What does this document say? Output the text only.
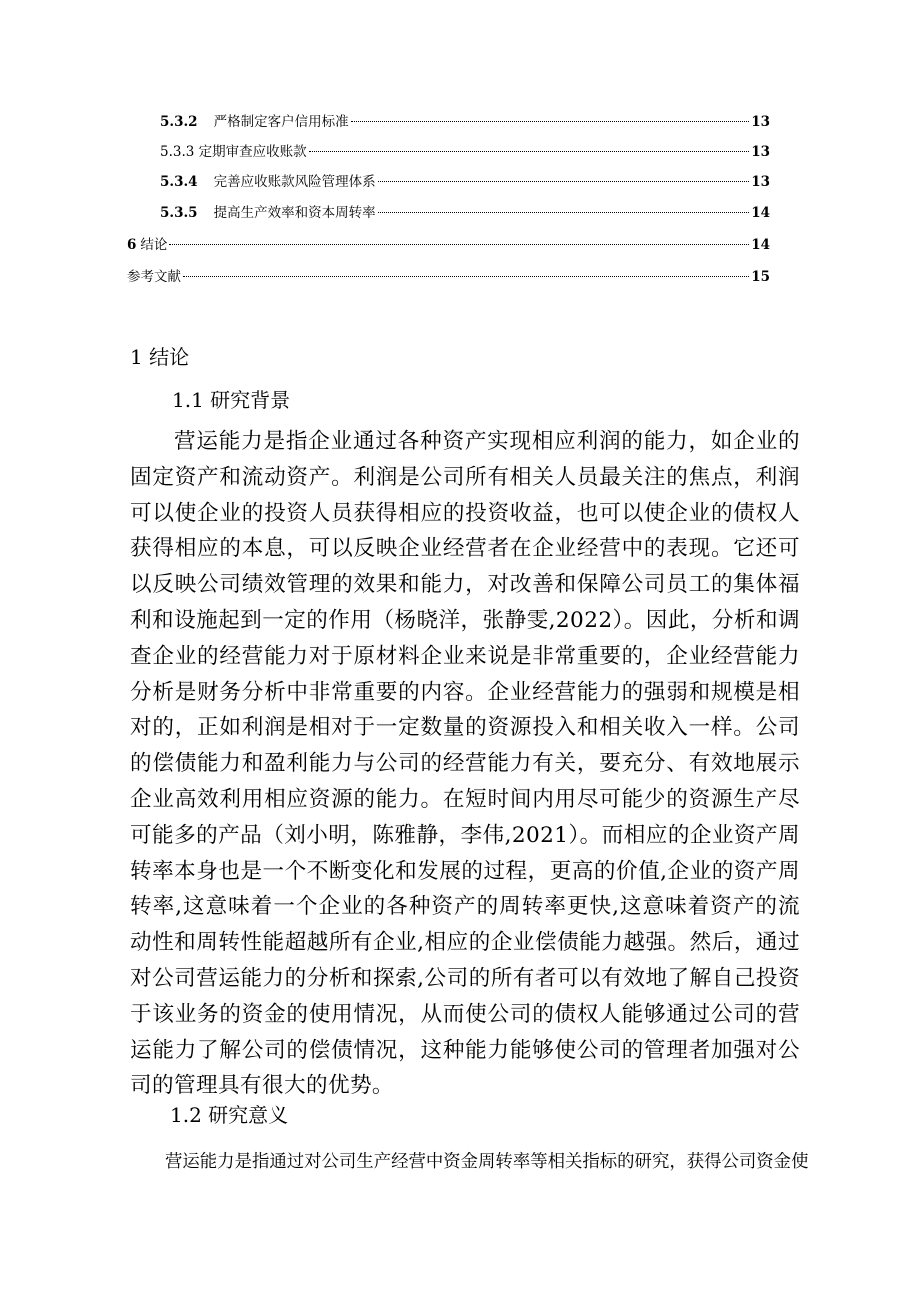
5.3.2 严格制定客户信用标准	13
5.3.3 定期审查应收账款	13
5.3.4 完善应收账款风险管理体系	13
5.3.5 提高生产效率和资本周转率	14
6 结论	14
参考文献	15
1 结论
1.1 研究背景
营运能力是指企业通过各种资产实现相应利润的能力，如企业的固定资产和流动资产。利润是公司所有相关人员最关注的焦点，利润可以使企业的投资人员获得相应的投资收益，也可以使企业的债权人获得相应的本息，可以反映企业经营者在企业经营中的表现。它还可以反映公司绩效管理的效果和能力，对改善和保障公司员工的集体福利和设施起到一定的作用（杨晓洋，张静雯,2022）。因此，分析和调查企业的经营能力对于原材料企业来说是非常重要的，企业经营能力分析是财务分析中非常重要的内容。企业经营能力的强弱和规模是相对的，正如利润是相对于一定数量的资源投入和相关收入一样。公司的偿债能力和盈利能力与公司的经营能力有关，要充分、有效地展示企业高效利用相应资源的能力。在短时间内用尽可能少的资源生产尽可能多的产品（刘小明，陈雅静，李伟,2021）。而相应的企业资产周转率本身也是一个不断变化和发展的过程，更高的价值,企业的资产周转率,这意味着一个企业的各种资产的周转率更快,这意味着资产的流动性和周转性能超越所有企业,相应的企业偿债能力越强。然后，通过对公司营运能力的分析和探索,公司的所有者可以有效地了解自己投资于该业务的资金的使用情况，从而使公司的债权人能够通过公司的营运能力了解公司的偿债情况，这种能力能够使公司的管理者加强对公司的管理具有很大的优势。
1.2 研究意义
营运能力是指通过对公司生产经营中资金周转率等相关指标的研究，获得公司资金使
